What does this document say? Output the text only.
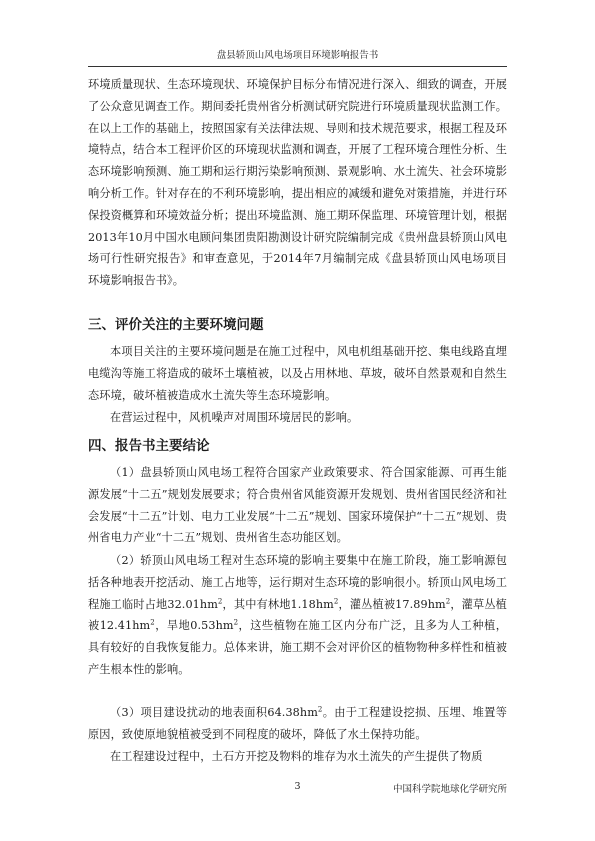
盘县轿顶山风电场项目环境影响报告书

环境质量现状、生态环境现状、环境保护目标分布情况进行深入、细致的调查，开展了公众意见调查工作。期间委托贵州省分析测试研究院进行环境质量现状监测工作。在以上工作的基础上，按照国家有关法律法规、导则和技术规范要求，根据工程及环境特点，结合本工程评价区的环境现状监测和调查，开展了工程环境合理性分析、生态环境影响预测、施工期和运行期污染影响预测、景观影响、水土流失、社会环境影响分析工作。针对存在的不利环境影响，提出相应的减缓和避免对策措施，并进行环保投资概算和环境效益分析；提出环境监测、施工期环保监理、环境管理计划，根据2013年10月中国水电顾问集团贵阳勘测设计研究院编制完成《贵州盘县轿顶山风电场可行性研究报告》和审查意见，于2014年7月编制完成《盘县轿顶山风电场项目环境影响报告书》。

三、评价关注的主要环境问题

本项目关注的主要环境问题是在施工过程中，风电机组基础开挖、集电线路直埋电缆沟等施工将造成的破坏土壤植被，以及占用林地、草坡，破坏自然景观和自然生态环境，破坏植被造成水土流失等生态环境影响。

在营运过程中，风机噪声对周围环境居民的影响。

四、报告书主要结论

（1）盘县轿顶山风电场工程符合国家产业政策要求、符合国家能源、可再生能源发展“十二五”规划发展要求；符合贵州省风能资源开发规划、贵州省国民经济和社会发展“十二五”计划、电力工业发展“十二五”规划、国家环境保护“十二五”规划、贵州省电力产业“十二五”规划、贵州省生态功能区划。

（2）轿顶山风电场工程对生态环境的影响主要集中在施工阶段，施工影响源包括各种地表开挖活动、施工占地等，运行期对生态环境的影响很小。轿顶山风电场工程施工临时占地$32.01hm^2$，其中有林地$1.18hm^2$，灌丛植被$17.89hm^2$，灌草丛植被$12.41hm^2$，旱地$0.53hm^2$，这些植物在施工区内分布广泛，且多为人工种植，具有较好的自我恢复能力。总体来讲，施工期不会对评价区的植物物种多样性和植被产生根本性的影响。

（3）项目建设扰动的地表面积$64.38hm^2$。由于工程建设挖损、压埋、堆置等原因，致使原地貌植被受到不同程度的破坏，降低了水土保持功能。

在工程建设过程中，土石方开挖及物料的堆存为水土流失的产生提供了物质

3	中国科学院地球化学研究所
